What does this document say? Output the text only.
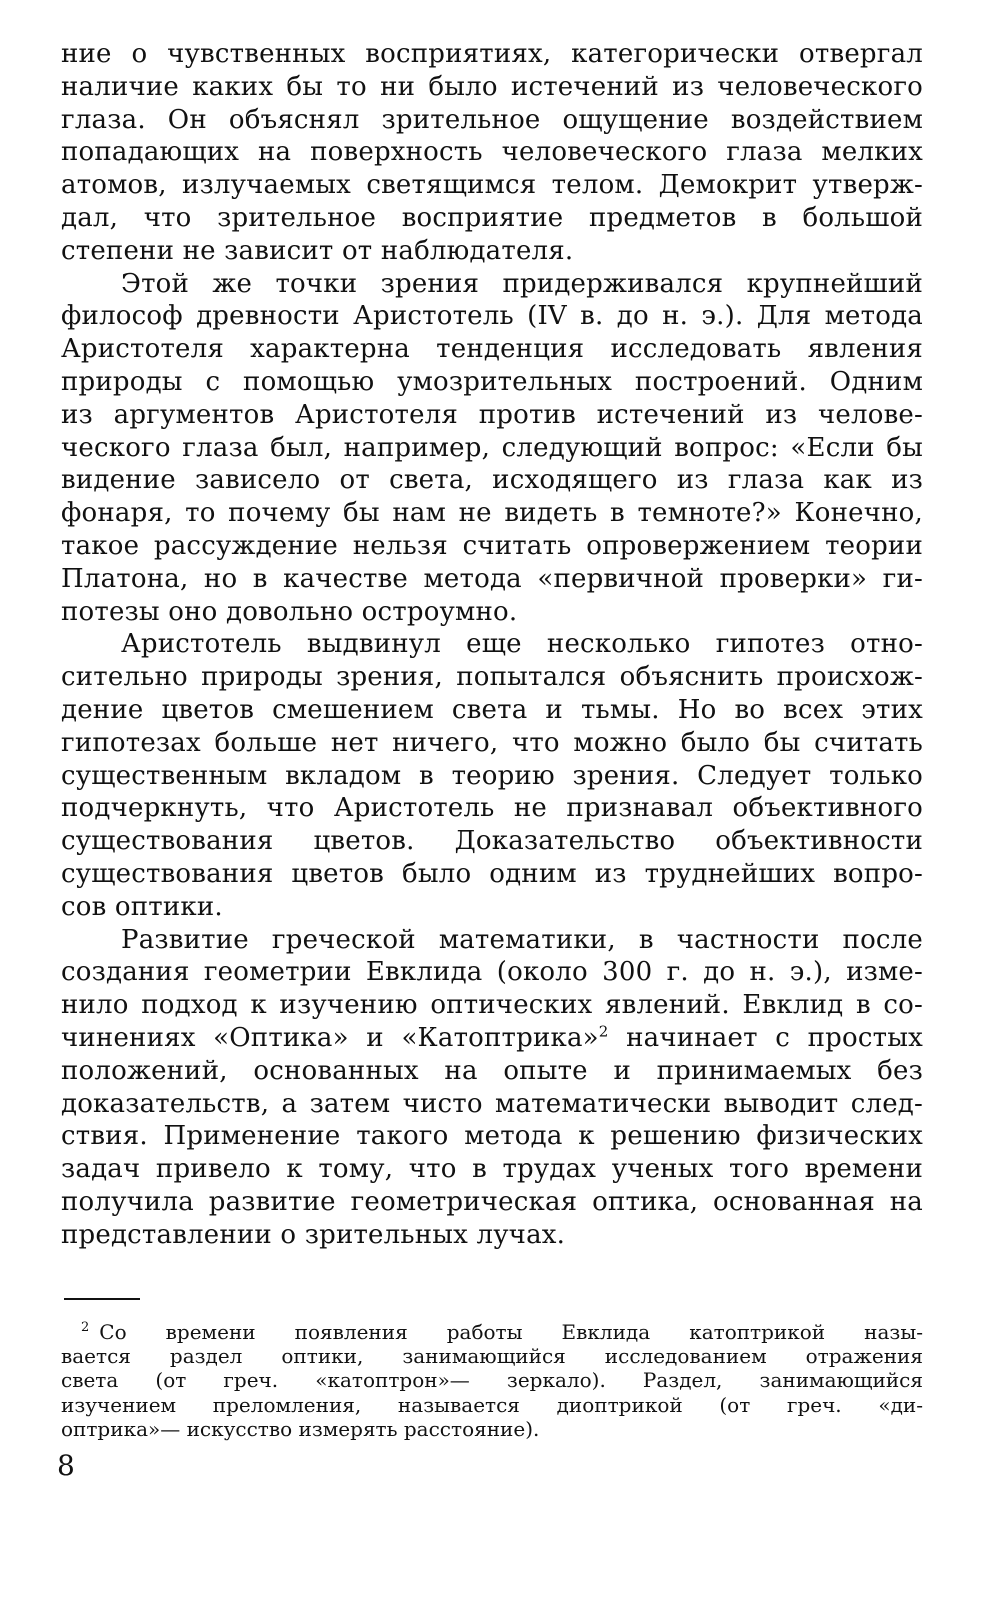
ние о чувственных восприятиях, категорически отвергал
наличие каких бы то ни было истечений из человеческого
глаза. Он объяснял зрительное ощущение воздействием
попадающих на поверхность человеческого глаза мелких
атомов, излучаемых светящимся телом. Демокрит утверж-
дал, что зрительное восприятие предметов в большой
степени не зависит от наблюдателя.
Этой же точки зрения придерживался крупнейший
философ древности Аристотель (IV в. до н. э.). Для метода
Аристотеля характерна тенденция исследовать явления
природы с помощью умозрительных построений. Одним
из аргументов Аристотеля против истечений из челове-
ческого глаза был, например, следующий вопрос: «Если бы
видение зависело от света, исходящего из глаза как из
фонаря, то почему бы нам не видеть в темноте?» Конечно,
такое рассуждение нельзя считать опровержением теории
Платона, но в качестве метода «первичной проверки» ги-
потезы оно довольно остроумно.
Аристотель выдвинул еще несколько гипотез отно-
сительно природы зрения, попытался объяснить происхож-
дение цветов смешением света и тьмы. Но во всех этих
гипотезах больше нет ничего, что можно было бы считать
существенным вкладом в теорию зрения. Следует только
подчеркнуть, что Аристотель не признавал объективного
существования цветов. Доказательство объективности
существования цветов было одним из труднейших вопро-
сов оптики.
Развитие греческой математики, в частности после
создания геометрии Евклида (около 300 г. до н. э.), изме-
нило подход к изучению оптических явлений. Евклид в со-
чинениях «Оптика» и «Катоптрика»$^2$ начинает с простых
положений, основанных на опыте и принимаемых без
доказательств, а затем чисто математически выводит след-
ствия. Применение такого метода к решению физических
задач привело к тому, что в трудах ученых того времени
получила развитие геометрическая оптика, основанная на
представлении о зрительных лучах.
$^2$ Со времени появления работы Евклида катоптрикой назы-
вается раздел оптики, занимающийся исследованием отражения
света (от греч. «катоптрон»— зеркало). Раздел, занимающийся
изучением преломления, называется диоптрикой (от греч. «ди-
оптрика»— искусство измерять расстояние).
8
